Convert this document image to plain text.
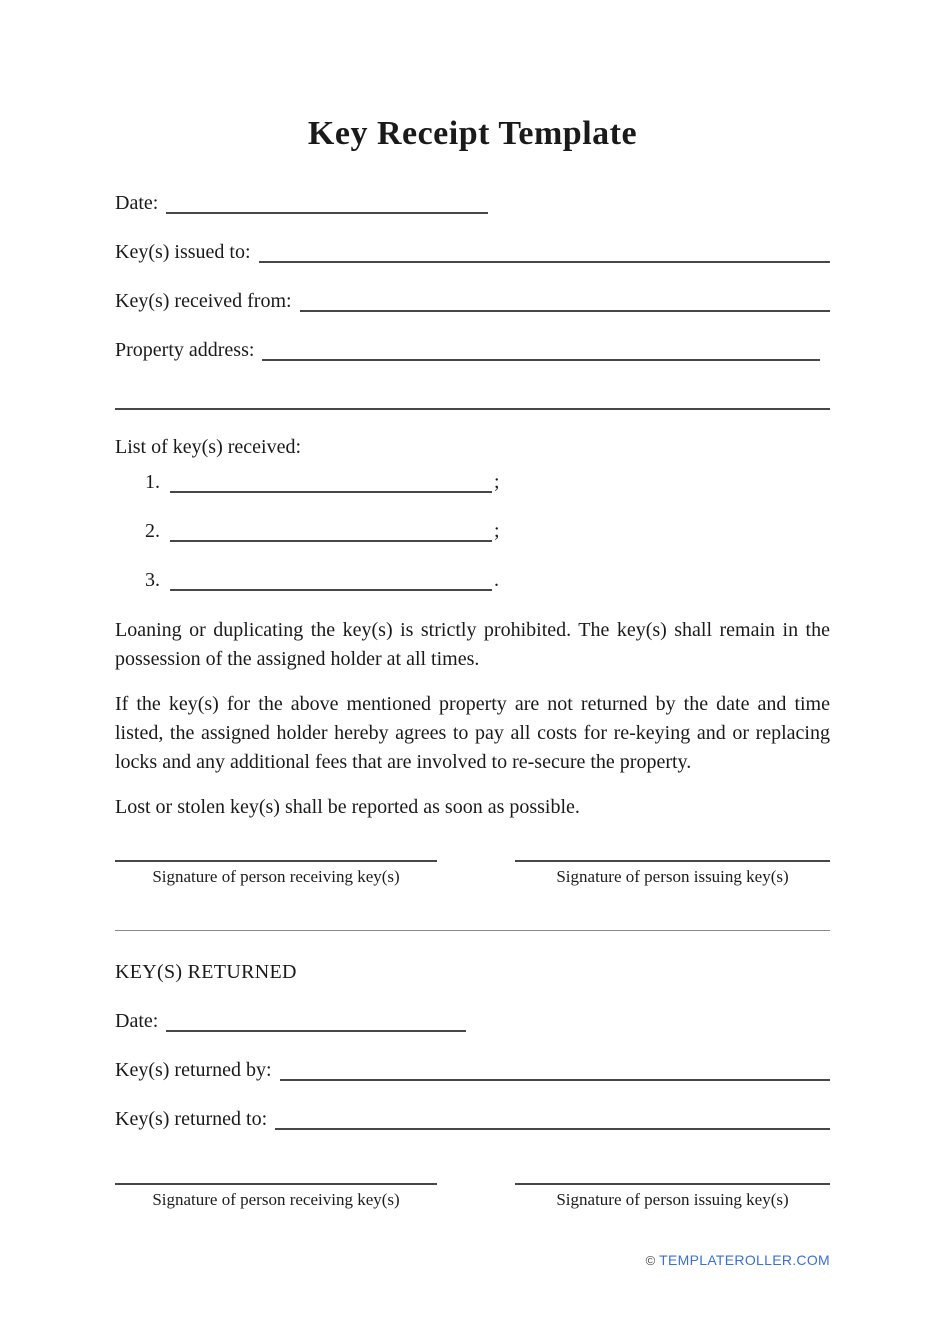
Key Receipt Template
Date:
Key(s) issued to:
Key(s) received from:
Property address:
List of key(s) received:
1.	;
2.	;
3.	.

Loaning or duplicating the key(s) is strictly prohibited. The key(s) shall remain in the possession of the assigned holder at all times.

If the key(s) for the above mentioned property are not returned by the date and time listed, the assigned holder hereby agrees to pay all costs for re-keying and or replacing locks and any additional fees that are involved to re-secure the property.

Lost or stolen key(s) shall be reported as soon as possible.

Signature of person receiving key(s)	Signature of person issuing key(s)
KEY(S) RETURNED
Date:
Key(s) returned by:
Key(s) returned to:
Signature of person receiving key(s)	Signature of person issuing key(s)
© TEMPLATEROLLER.COM
